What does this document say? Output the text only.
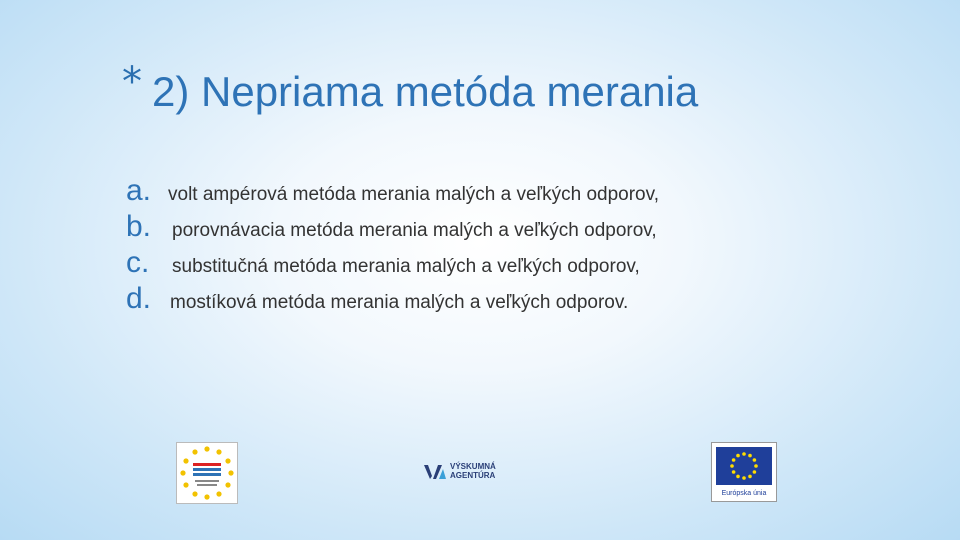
* 2) Nepriama metóda merania
a. volt ampérová metóda merania malých a veľkých odporov,
b.	porovnávacia metóda merania malých a veľkých odporov,
c.	substitučná metóda merania malých a veľkých odporov,
d. mostíková metóda merania malých a veľkých odporov.
VÝSKUMNÁ
AGENTÚRA
Európska únia
